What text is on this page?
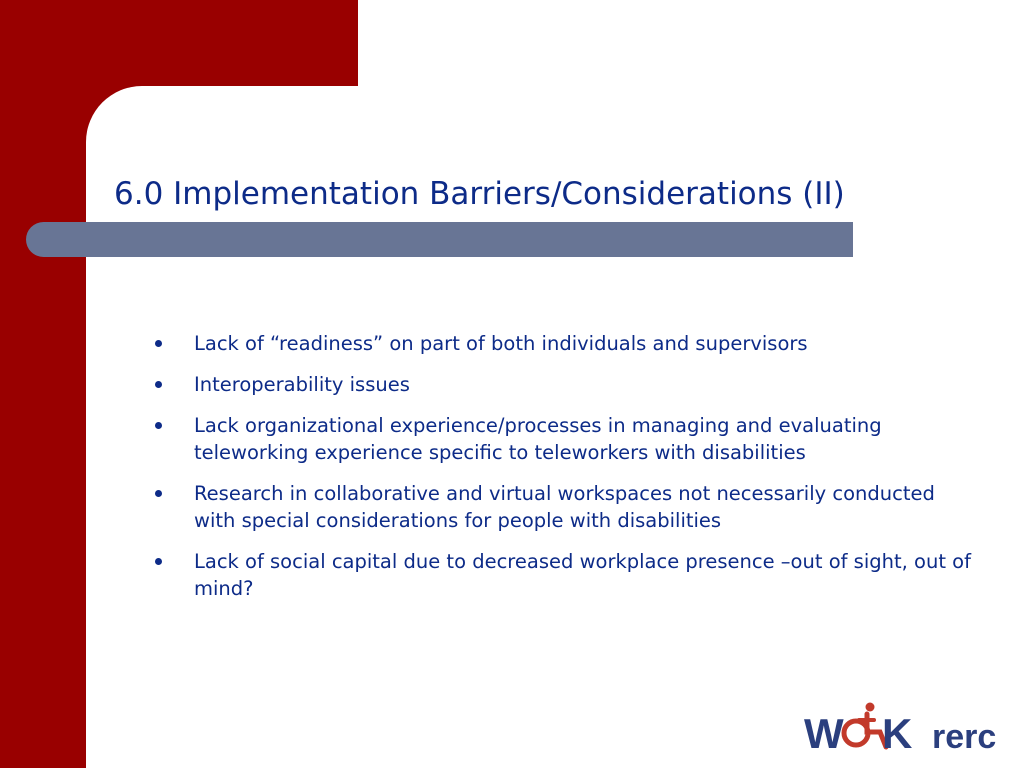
6.0 Implementation Barriers/Considerations (II)
Lack of “readiness” on part of both individuals and supervisors
Interoperability issues
Lack organizational experience/processes in managing and evaluating teleworking experience specific to teleworkers with disabilities
Research in collaborative and virtual workspaces not necessarily conducted with special considerations for people with disabilities
Lack of social capital due to decreased workplace presence –out of sight, out of mind?
W K rerc
